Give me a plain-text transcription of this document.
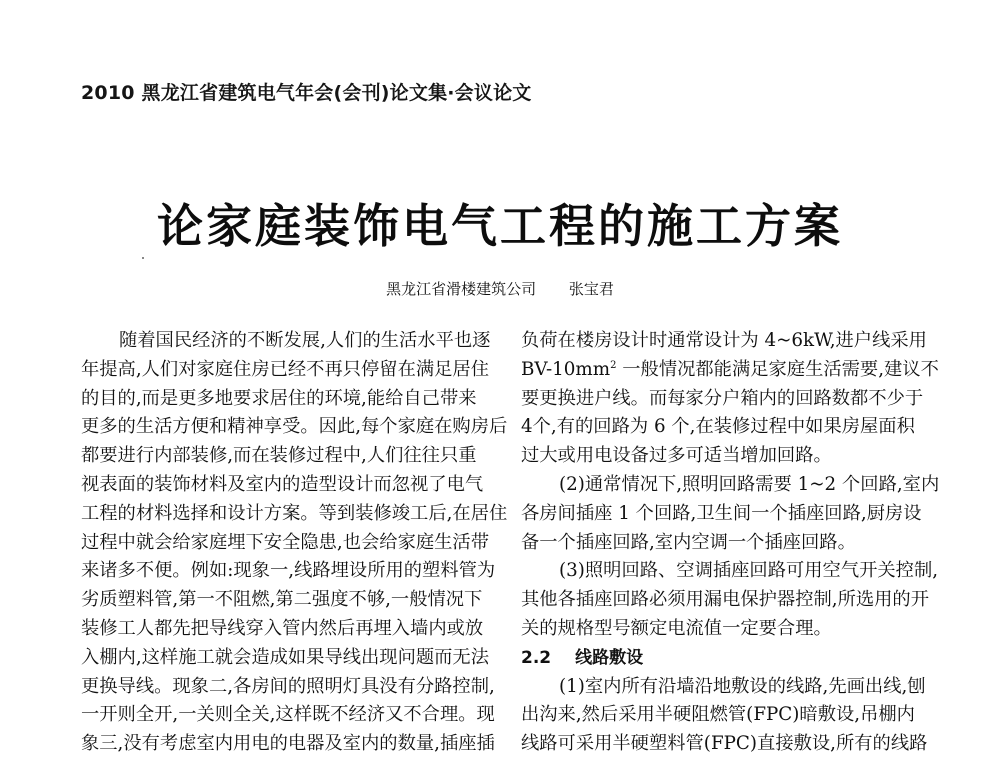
2010 黑龙江省建筑电气年会(会刊)论文集·会议论文
论家庭装饰电气工程的施工方案
黑龙江省滑楼建筑公司 张宝君
随着国民经济的不断发展,人们的生活水平也逐
年提高,人们对家庭住房已经不再只停留在满足居住
的目的,而是更多地要求居住的环境,能给自己带来
更多的生活方便和精神享受。因此,每个家庭在购房后
都要进行内部装修,而在装修过程中,人们往往只重
视表面的装饰材料及室内的造型设计而忽视了电气
工程的材料选择和设计方案。等到装修竣工后,在居住
过程中就会给家庭埋下安全隐患,也会给家庭生活带
来诸多不便。例如:现象一,线路埋设所用的塑料管为
劣质塑料管,第一不阻燃,第二强度不够,一般情况下
装修工人都先把导线穿入管内然后再埋入墙内或放
入棚内,这样施工就会造成如果导线出现问题而无法
更换导线。现象二,各房间的照明灯具没有分路控制,
一开则全开,一关则全关,这样既不经济又不合理。现
象三,没有考虑室内用电的电器及室内的数量,插座插
负荷在楼房设计时通常设计为 4~6kW,进户线采用
$BV-10mm^2$ 一般情况都能满足家庭生活需要,建议不
要更换进户线。而每家分户箱内的回路数都不少于
4个,有的回路为 6 个,在装修过程中如果房屋面积
过大或用电设备过多可适当增加回路。
(2)通常情况下,照明回路需要 1~2 个回路,室内
各房间插座 1 个回路,卫生间一个插座回路,厨房设
备一个插座回路,室内空调一个插座回路。
(3)照明回路、空调插座回路可用空气开关控制,
其他各插座回路必须用漏电保护器控制,所选用的开
关的规格型号额定电流值一定要合理。
2.2 线路敷设
(1)室内所有沿墙沿地敷设的线路,先画出线,刨
出沟来,然后采用半硬阻燃管(FPC)暗敷设,吊棚内
线路可采用半硬塑料管(FPC)直接敷设,所有的线路
